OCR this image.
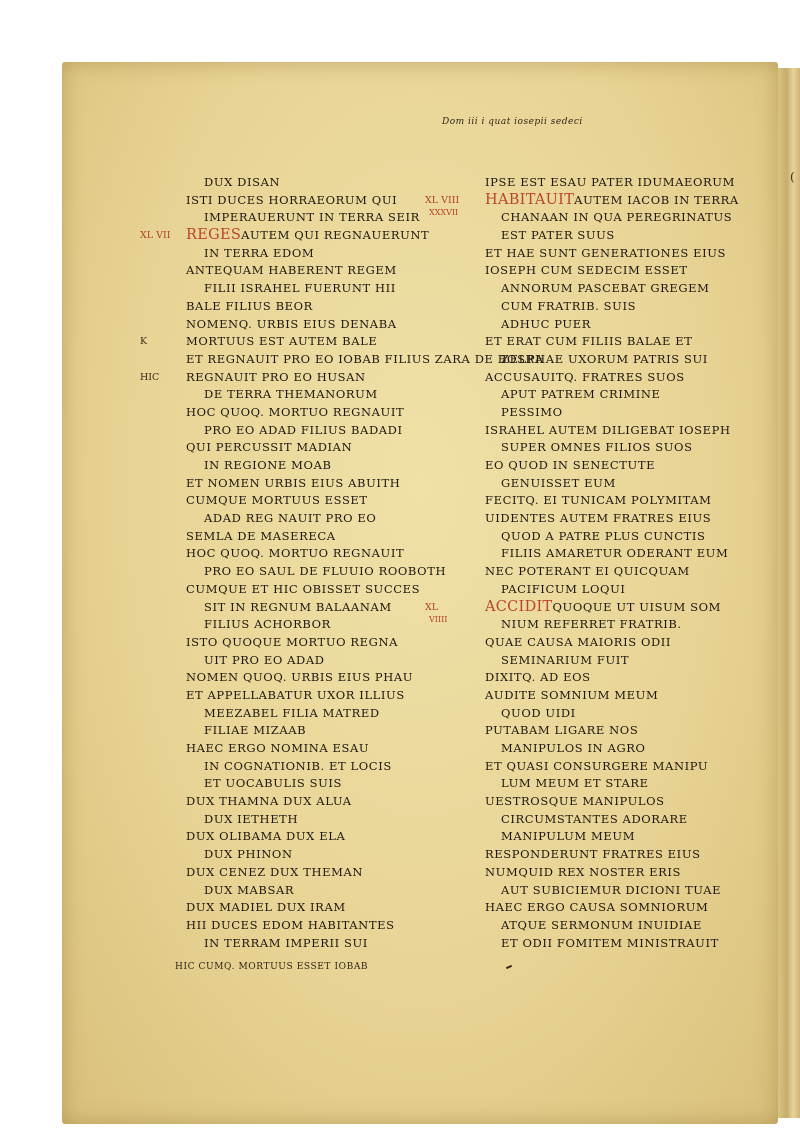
(
Dom iii i quat iosepii sedeci
DUX DISAN
ISTI DUCES HORRAEORUM QUI
IMPERAUERUNT IN TERRA SEIR
XL VII REGESAUTEM QUI REGNAUERUNT
IN TERRA EDOM
ANTEQUAM HABERENT REGEM
FILII ISRAHEL FUERUNT HII
BALE FILIUS BEOR
NOMENQ. URBIS EIUS DENABA
K	MORTUUS EST AUTEM BALE
ET REGNAUIT PRO EO IOBAB FILIUS ZARA DE BOSRA
HIC REGNAUIT PRO EO HUSAN
DE TERRA THEMANORUM
HOC QUOQ. MORTUO REGNAUIT
PRO EO ADAD FILIUS BADADI
QUI PERCUSSIT MADIAN
IN REGIONE MOAB
ET NOMEN URBIS EIUS ABUITH
CUMQUE MORTUUS ESSET
ADAD REG NAUIT PRO EO
SEMLA DE MASERECA
HOC QUOQ. MORTUO REGNAUIT
PRO EO SAUL DE FLUUIO ROOBOTH
CUMQUE ET HIC OBISSET SUCCES
SIT IN REGNUM BALAANAM
FILIUS ACHORBOR
ISTO QUOQUE MORTUO REGNA
UIT PRO EO ADAD
NOMEN QUOQ. URBIS EIUS PHAU
ET APPELLABATUR UXOR ILLIUS
MEEZABEL FILIA MATRED
FILIAE MIZAAB
HAEC ERGO NOMINA ESAU
IN COGNATIONIB. ET LOCIS
ET UOCABULIS SUIS
DUX THAMNA DUX ALUA
DUX IETHETH
DUX OLIBAMA DUX ELA
DUX PHINON
DUX CENEZ DUX THEMAN
DUX MABSAR
DUX MADIEL DUX IRAM
HII DUCES EDOM HABITANTES
IN TERRAM IMPERII SUI
IPSE EST ESAU PATER IDUMAEORUM
XL VIII
XXXVII
HABITAUITAUTEM IACOB IN TERRA
CHANAAN IN QUA PEREGRINATUS
EST PATER SUUS
ET HAE SUNT GENERATIONES EIUS
IOSEPH CUM SEDECIM ESSET
ANNORUM PASCEBAT GREGEM
CUM FRATRIB. SUIS
ADHUC PUER
ET ERAT CUM FILIIS BALAE ET
ZELPHAE UXORUM PATRIS SUI
ACCUSAUITQ. FRATRES SUOS
APUT PATREM CRIMINE
PESSIMO
ISRAHEL AUTEM DILIGEBAT IOSEPH
SUPER OMNES FILIOS SUOS
EO QUOD IN SENECTUTE
GENUISSET EUM
FECITQ. EI TUNICAM POLYMITAM
UIDENTES AUTEM FRATRES EIUS
QUOD A PATRE PLUS CUNCTIS
FILIIS AMARETUR ODERANT EUM
NEC POTERANT EI QUICQUAM
PACIFICUM LOQUI
XL
VIIII
ACCIDITQUOQUE UT UISUM SOM
NIUM REFERRET FRATRIB.
QUAE CAUSA MAIORIS ODII
SEMINARIUM FUIT
DIXITQ. AD EOS
AUDITE SOMNIUM MEUM
QUOD UIDI
PUTABAM LIGARE NOS
MANIPULOS IN AGRO
ET QUASI CONSURGERE MANIPU
LUM MEUM ET STARE
UESTROSQUE MANIPULOS
CIRCUMSTANTES ADORARE
MANIPULUM MEUM
RESPONDERUNT FRATRES EIUS
NUMQUID REX NOSTER ERIS
AUT SUBICIEMUR DICIONI TUAE
HAEC ERGO CAUSA SOMNIORUM
ATQUE SERMONUM INUIDIAE
ET ODII FOMITEM MINISTRAUIT
HIC CUMQ. MORTUUS ESSET IOBAB
